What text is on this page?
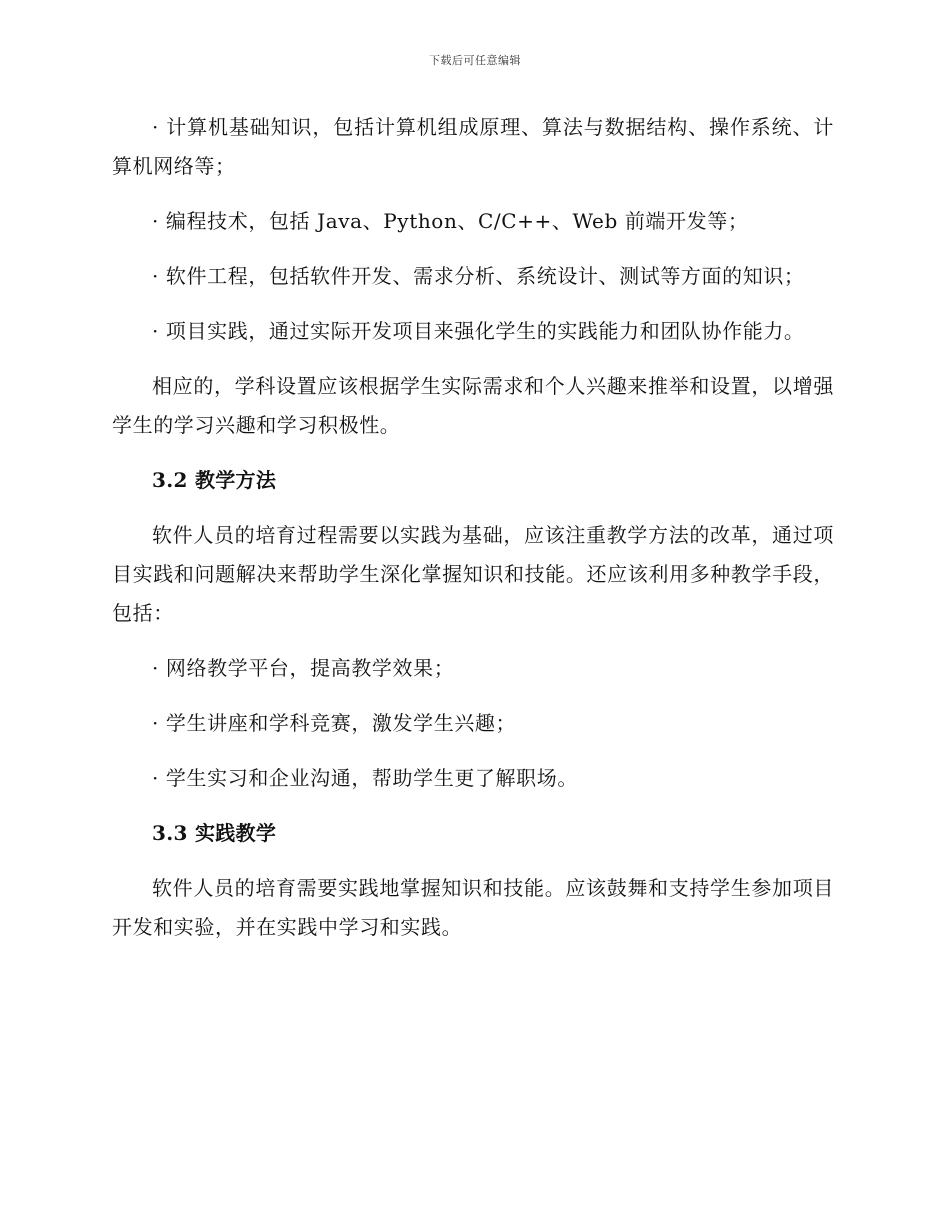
下载后可任意编辑

· 计算机基础知识，包括计算机组成原理、算法与数据结构、操作系统、计算机网络等；

· 编程技术，包括 Java、Python、C/C++、Web 前端开发等；

· 软件工程，包括软件开发、需求分析、系统设计、测试等方面的知识；

· 项目实践，通过实际开发项目来强化学生的实践能力和团队协作能力。

相应的，学科设置应该根据学生实际需求和个人兴趣来推举和设置，以增强学生的学习兴趣和学习积极性。

3.2 教学方法

软件人员的培育过程需要以实践为基础，应该注重教学方法的改革，通过项目实践和问题解决来帮助学生深化掌握知识和技能。还应该利用多种教学手段，包括：

· 网络教学平台，提高教学效果；

· 学生讲座和学科竞赛，激发学生兴趣；

· 学生实习和企业沟通，帮助学生更了解职场。

3.3 实践教学

软件人员的培育需要实践地掌握知识和技能。应该鼓舞和支持学生参加项目开发和实验，并在实践中学习和实践。
